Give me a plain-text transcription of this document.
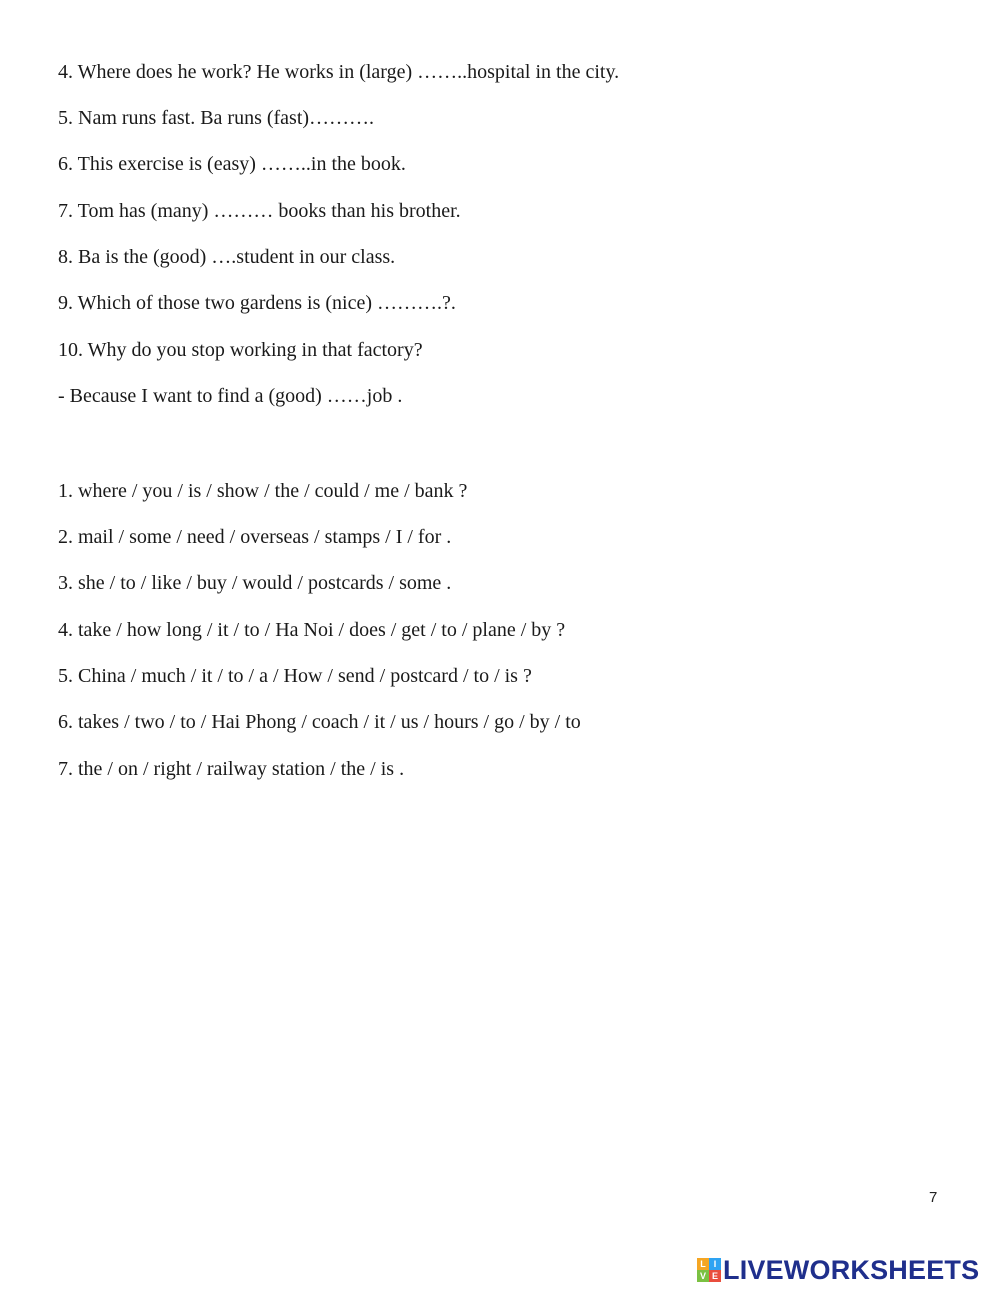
4. Where does he work? He works in (large) ……..hospital in the city.
5. Nam runs fast. Ba runs (fast)……….
6. This exercise is (easy) ……..in the book.
7. Tom has (many) ……… books than his brother.
8. Ba is the (good) ….student in our class.
9. Which of those two gardens is (nice) ……….?.
10. Why do you stop working in that factory?
- Because I want to find a (good) ……job .
1. where / you / is / show / the / could / me / bank ?
2. mail / some / need / overseas / stamps / I / for .
3. she / to / like / buy / would / postcards / some .
4. take / how long / it / to / Ha Noi / does / get / to / plane / by ?
5. China / much / it / to / a / How / send / postcard / to / is ?
6. takes / two / to / Hai Phong / coach / it / us / hours / go / by / to
7. the / on / right / railway station / the / is .
7
L I
V E LIVEWORKSHEETS
